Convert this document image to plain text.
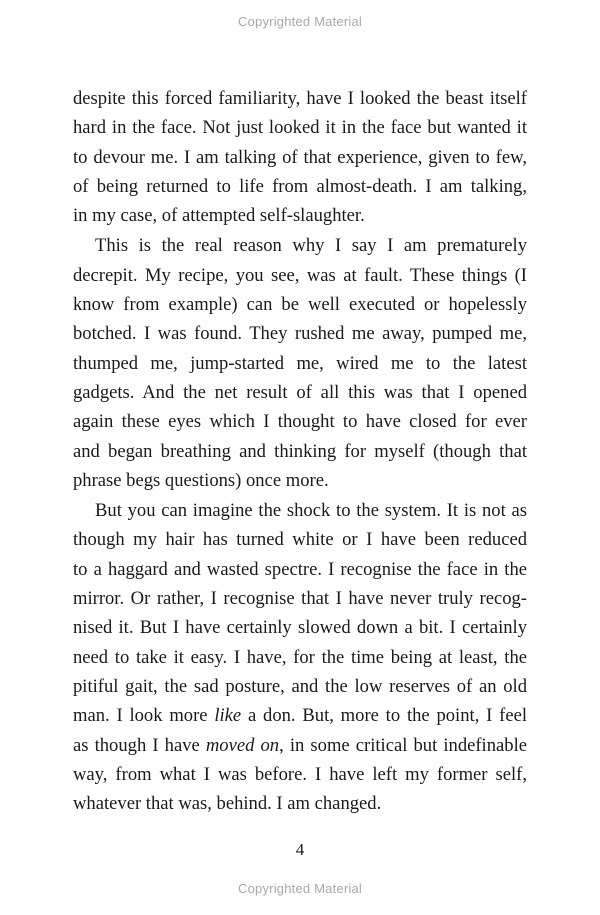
Copyrighted Material
despite this forced familiarity, have I looked the beast itself
hard in the face. Not just looked it in the face but wanted it
to devour me. I am talking of that experience, given to few,
of being returned to life from almost-death. I am talking,
in my case, of attempted self-slaughter.
This is the real reason why I say I am prematurely
decrepit. My recipe, you see, was at fault. These things (I
know from example) can be well executed or hopelessly
botched. I was found. They rushed me away, pumped me,
thumped me, jump-started me, wired me to the latest
gadgets. And the net result of all this was that I opened
again these eyes which I thought to have closed for ever
and began breathing and thinking for myself (though that
phrase begs questions) once more.
But you can imagine the shock to the system. It is not as
though my hair has turned white or I have been reduced
to a haggard and wasted spectre. I recognise the face in the
mirror. Or rather, I recognise that I have never truly recog-
nised it. But I have certainly slowed down a bit. I certainly
need to take it easy. I have, for the time being at least, the
pitiful gait, the sad posture, and the low reserves of an old
man. I look more like a don. But, more to the point, I feel
as though I have moved on, in some critical but indefinable
way, from what I was before. I have left my former self,
whatever that was, behind. I am changed.
4
Copyrighted Material
